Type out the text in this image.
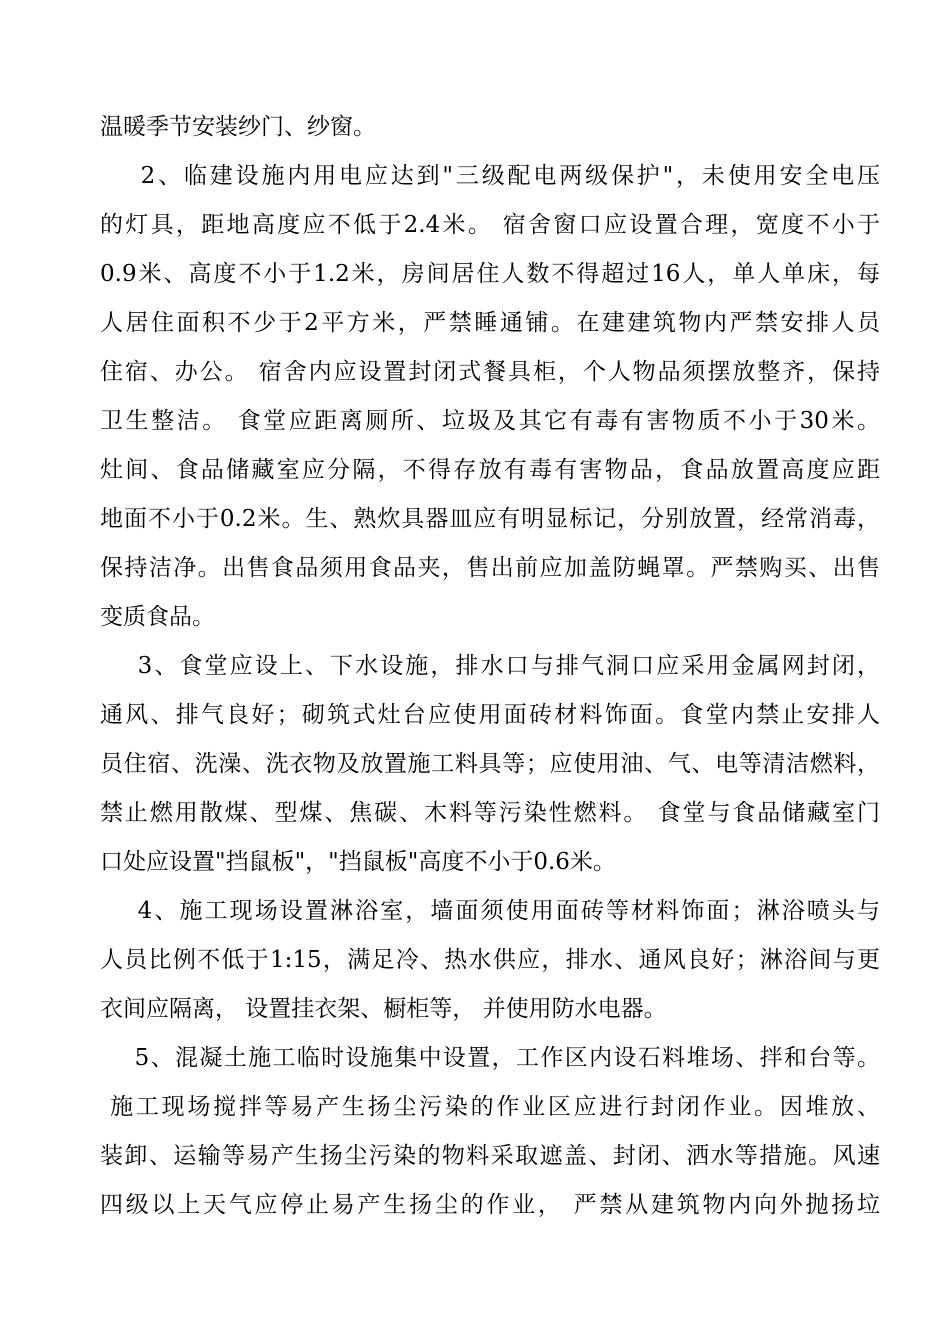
温暖季节安装纱门、纱窗。
2、临建设施内用电应达到"三级配电两级保护"，未使用安全电压
的灯具，距地高度应不低于2.4米。 宿舍窗口应设置合理，宽度不小于
0.9米、高度不小于1.2米，房间居住人数不得超过16人，单人单床，每
人居住面积不少于2平方米，严禁睡通铺。在建建筑物内严禁安排人员
住宿、办公。 宿舍内应设置封闭式餐具柜，个人物品须摆放整齐，保持
卫生整洁。 食堂应距离厕所、垃圾及其它有毒有害物质不小于30米。
灶间、食品储藏室应分隔，不得存放有毒有害物品，食品放置高度应距
地面不小于0.2米。生、熟炊具器皿应有明显标记，分别放置，经常消毒，
保持洁净。出售食品须用食品夹，售出前应加盖防蝇罩。严禁购买、出售
变质食品。
3、食堂应设上、下水设施，排水口与排气洞口应采用金属网封闭，
通风、排气良好；砌筑式灶台应使用面砖材料饰面。食堂内禁止安排人
员住宿、洗澡、洗衣物及放置施工料具等；应使用油、气、电等清洁燃料，
禁止燃用散煤、型煤、焦碳、木料等污染性燃料。 食堂与食品储藏室门
口处应设置"挡鼠板"，"挡鼠板"高度不小于0.6米。
4、施工现场设置淋浴室，墙面须使用面砖等材料饰面；淋浴喷头与
人员比例不低于1:15，满足冷、热水供应，排水、通风良好；淋浴间与更
衣间应隔离， 设置挂衣架、橱柜等， 并使用防水电器。
5、混凝土施工临时设施集中设置，工作区内设石料堆场、拌和台等。
施工现场搅拌等易产生扬尘污染的作业区应进行封闭作业。因堆放、
装卸、运输等易产生扬尘污染的物料采取遮盖、封闭、洒水等措施。风速
四级以上天气应停止易产生扬尘的作业， 严禁从建筑物内向外抛扬垃
